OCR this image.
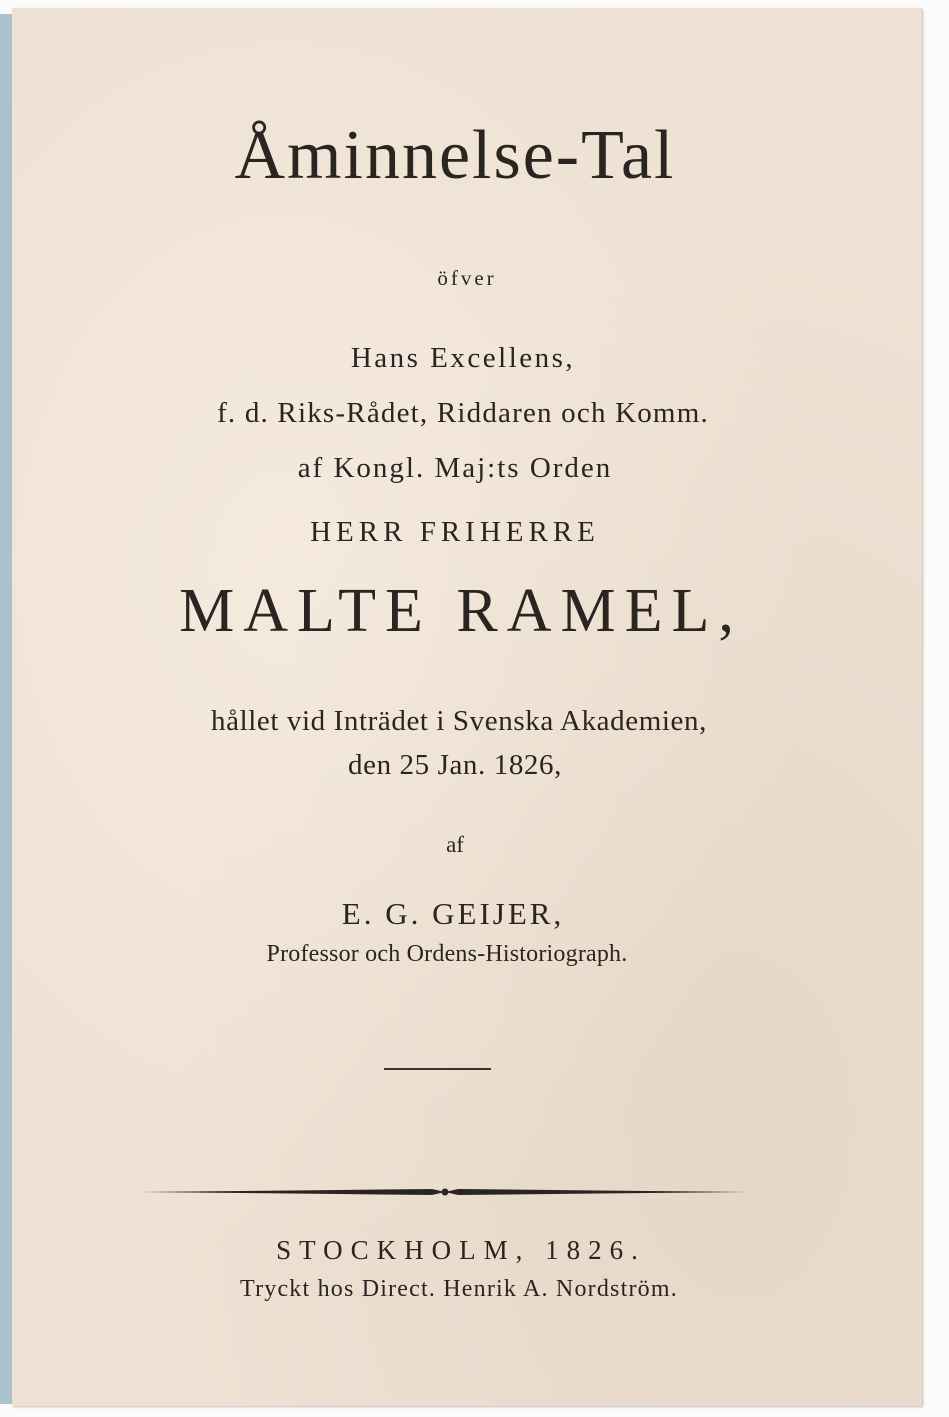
Åminnelse-Tal
öfver
Hans Excellens,
f. d. Riks-Rådet, Riddaren och Komm.
af Kongl. Maj:ts Orden
HERR FRIHERRE
MALTE RAMEL,
hållet vid Inträdet i Svenska Akademien,
den 25 Jan. 1826,
af
E. G. GEIJER,
Professor och Ordens-Historiograph.
STOCKHOLM, 1826.
Tryckt hos Direct. Henrik A. Nordström.
